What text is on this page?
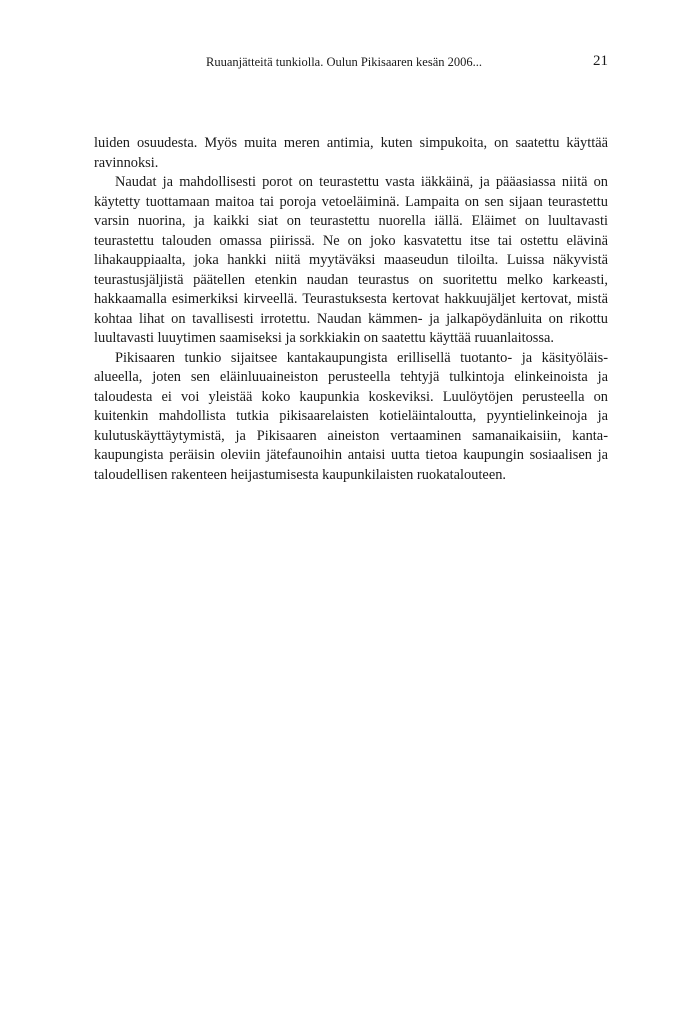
Ruuanjätteitä tunkiolla. Oulun Pikisaaren kesän 2006...	21

luiden osuudesta. Myös muita meren antimia, kuten simpukoita, on saatettu käyttää ravinnoksi.

Naudat ja mahdollisesti porot on teurastettu vasta iäkkäinä, ja pääasiassa niitä on käytetty tuottamaan maitoa tai poroja vetoeläiminä. Lampaita on sen sijaan teurastettu varsin nuorina, ja kaikki siat on teurastettu nuorella iällä. Eläimet on luultavasti teurastettu talouden omassa piirissä. Ne on joko kasvatettu itse tai ostettu elävinä lihakauppiaalta, joka hankki niitä myytäväksi maaseudun tiloilta. Luissa näkyvistä teurastusjäljistä päätellen etenkin naudan teurastus on suoritettu melko karkeasti, hakkaamalla esimerkiksi kirveellä. Teurastuksesta kertovat hakkuujäljet kertovat, mistä kohtaa lihat on tavallisesti irrotettu. Naudan kämmen- ja jalkapöydänluita on rikottu luultavasti luuytimen saamiseksi ja sorkkiakin on saatettu käyttää ruuanlaitossa.

Pikisaaren tunkio sijaitsee kantakaupungista erillisellä tuotanto- ja käsityöläisalueella, joten sen eläinluuaineiston perusteella tehtyjä tulkintoja elinkeinoista ja taloudesta ei voi yleistää koko kaupunkia koskeviksi. Luulöytöjen perusteella on kuitenkin mahdollista tutkia pikisaarelaisten kotieläintaloutta, pyyntielinkeinoja ja kulutuskäyttäytymistä, ja Pikisaaren aineiston vertaaminen samanaikaisiin, kantakaupungista peräisin oleviin jätefaunoihin antaisi uutta tietoa kaupungin sosiaalisen ja taloudellisen rakenteen heijastumisesta kaupunkilaisten ruokatalouteen.
